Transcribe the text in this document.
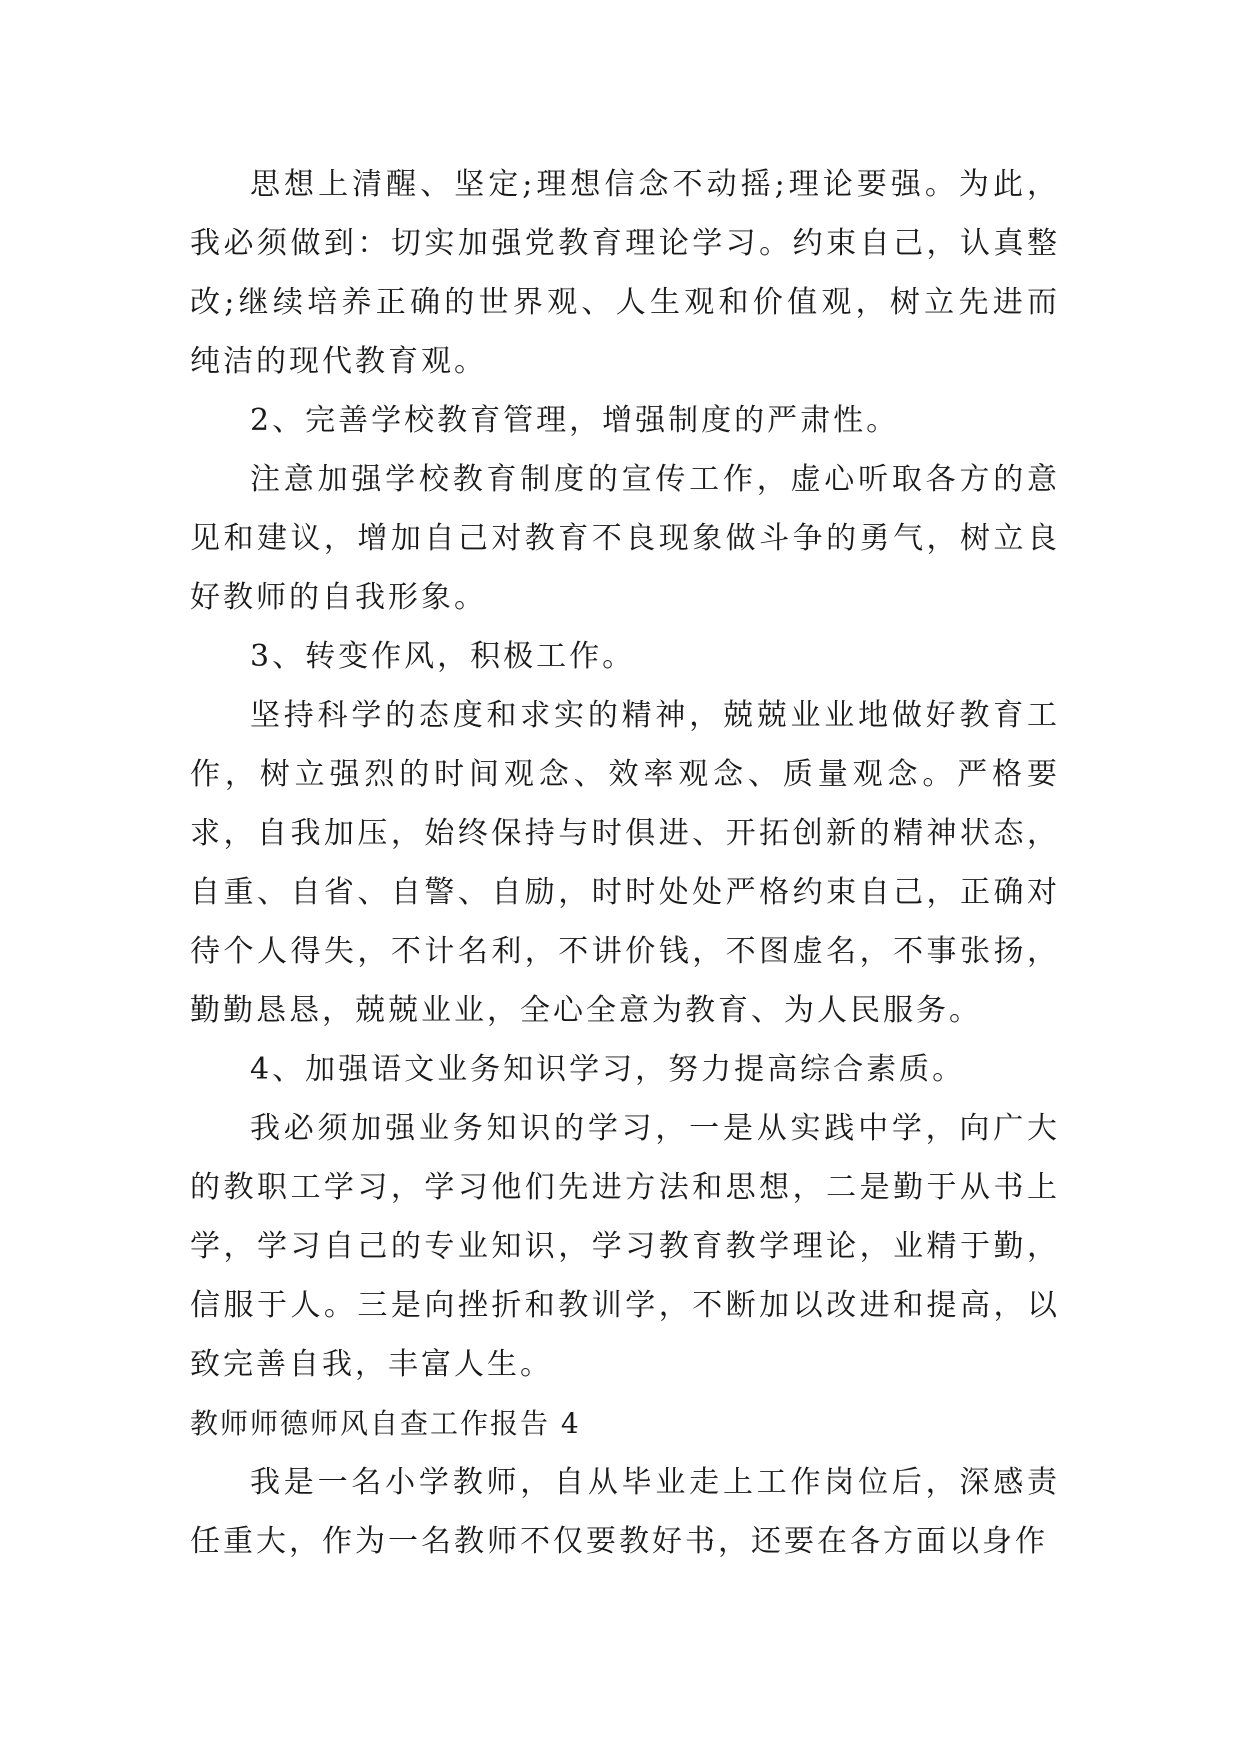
思想上清醒、坚定;理想信念不动摇;理论要强。为此，我必须做到：切实加强党教育理论学习。约束自己，认真整改;继续培养正确的世界观、人生观和价值观，树立先进而纯洁的现代教育观。

2、完善学校教育管理，增强制度的严肃性。

注意加强学校教育制度的宣传工作，虚心听取各方的意见和建议，增加自己对教育不良现象做斗争的勇气，树立良好教师的自我形象。

3、转变作风，积极工作。

坚持科学的态度和求实的精神，兢兢业业地做好教育工作，树立强烈的时间观念、效率观念、质量观念。严格要求，自我加压，始终保持与时俱进、开拓创新的精神状态，自重、自省、自警、自励，时时处处严格约束自己，正确对待个人得失，不计名利，不讲价钱，不图虚名，不事张扬，勤勤恳恳，兢兢业业，全心全意为教育、为人民服务。

4、加强语文业务知识学习，努力提高综合素质。

我必须加强业务知识的学习，一是从实践中学，向广大的教职工学习，学习他们先进方法和思想，二是勤于从书上学，学习自己的专业知识，学习教育教学理论，业精于勤，信服于人。三是向挫折和教训学，不断加以改进和提高，以致完善自我，丰富人生。

教师师德师风自查工作报告 4

我是一名小学教师，自从毕业走上工作岗位后，深感责任重大，作为一名教师不仅要教好书，还要在各方面以身作
